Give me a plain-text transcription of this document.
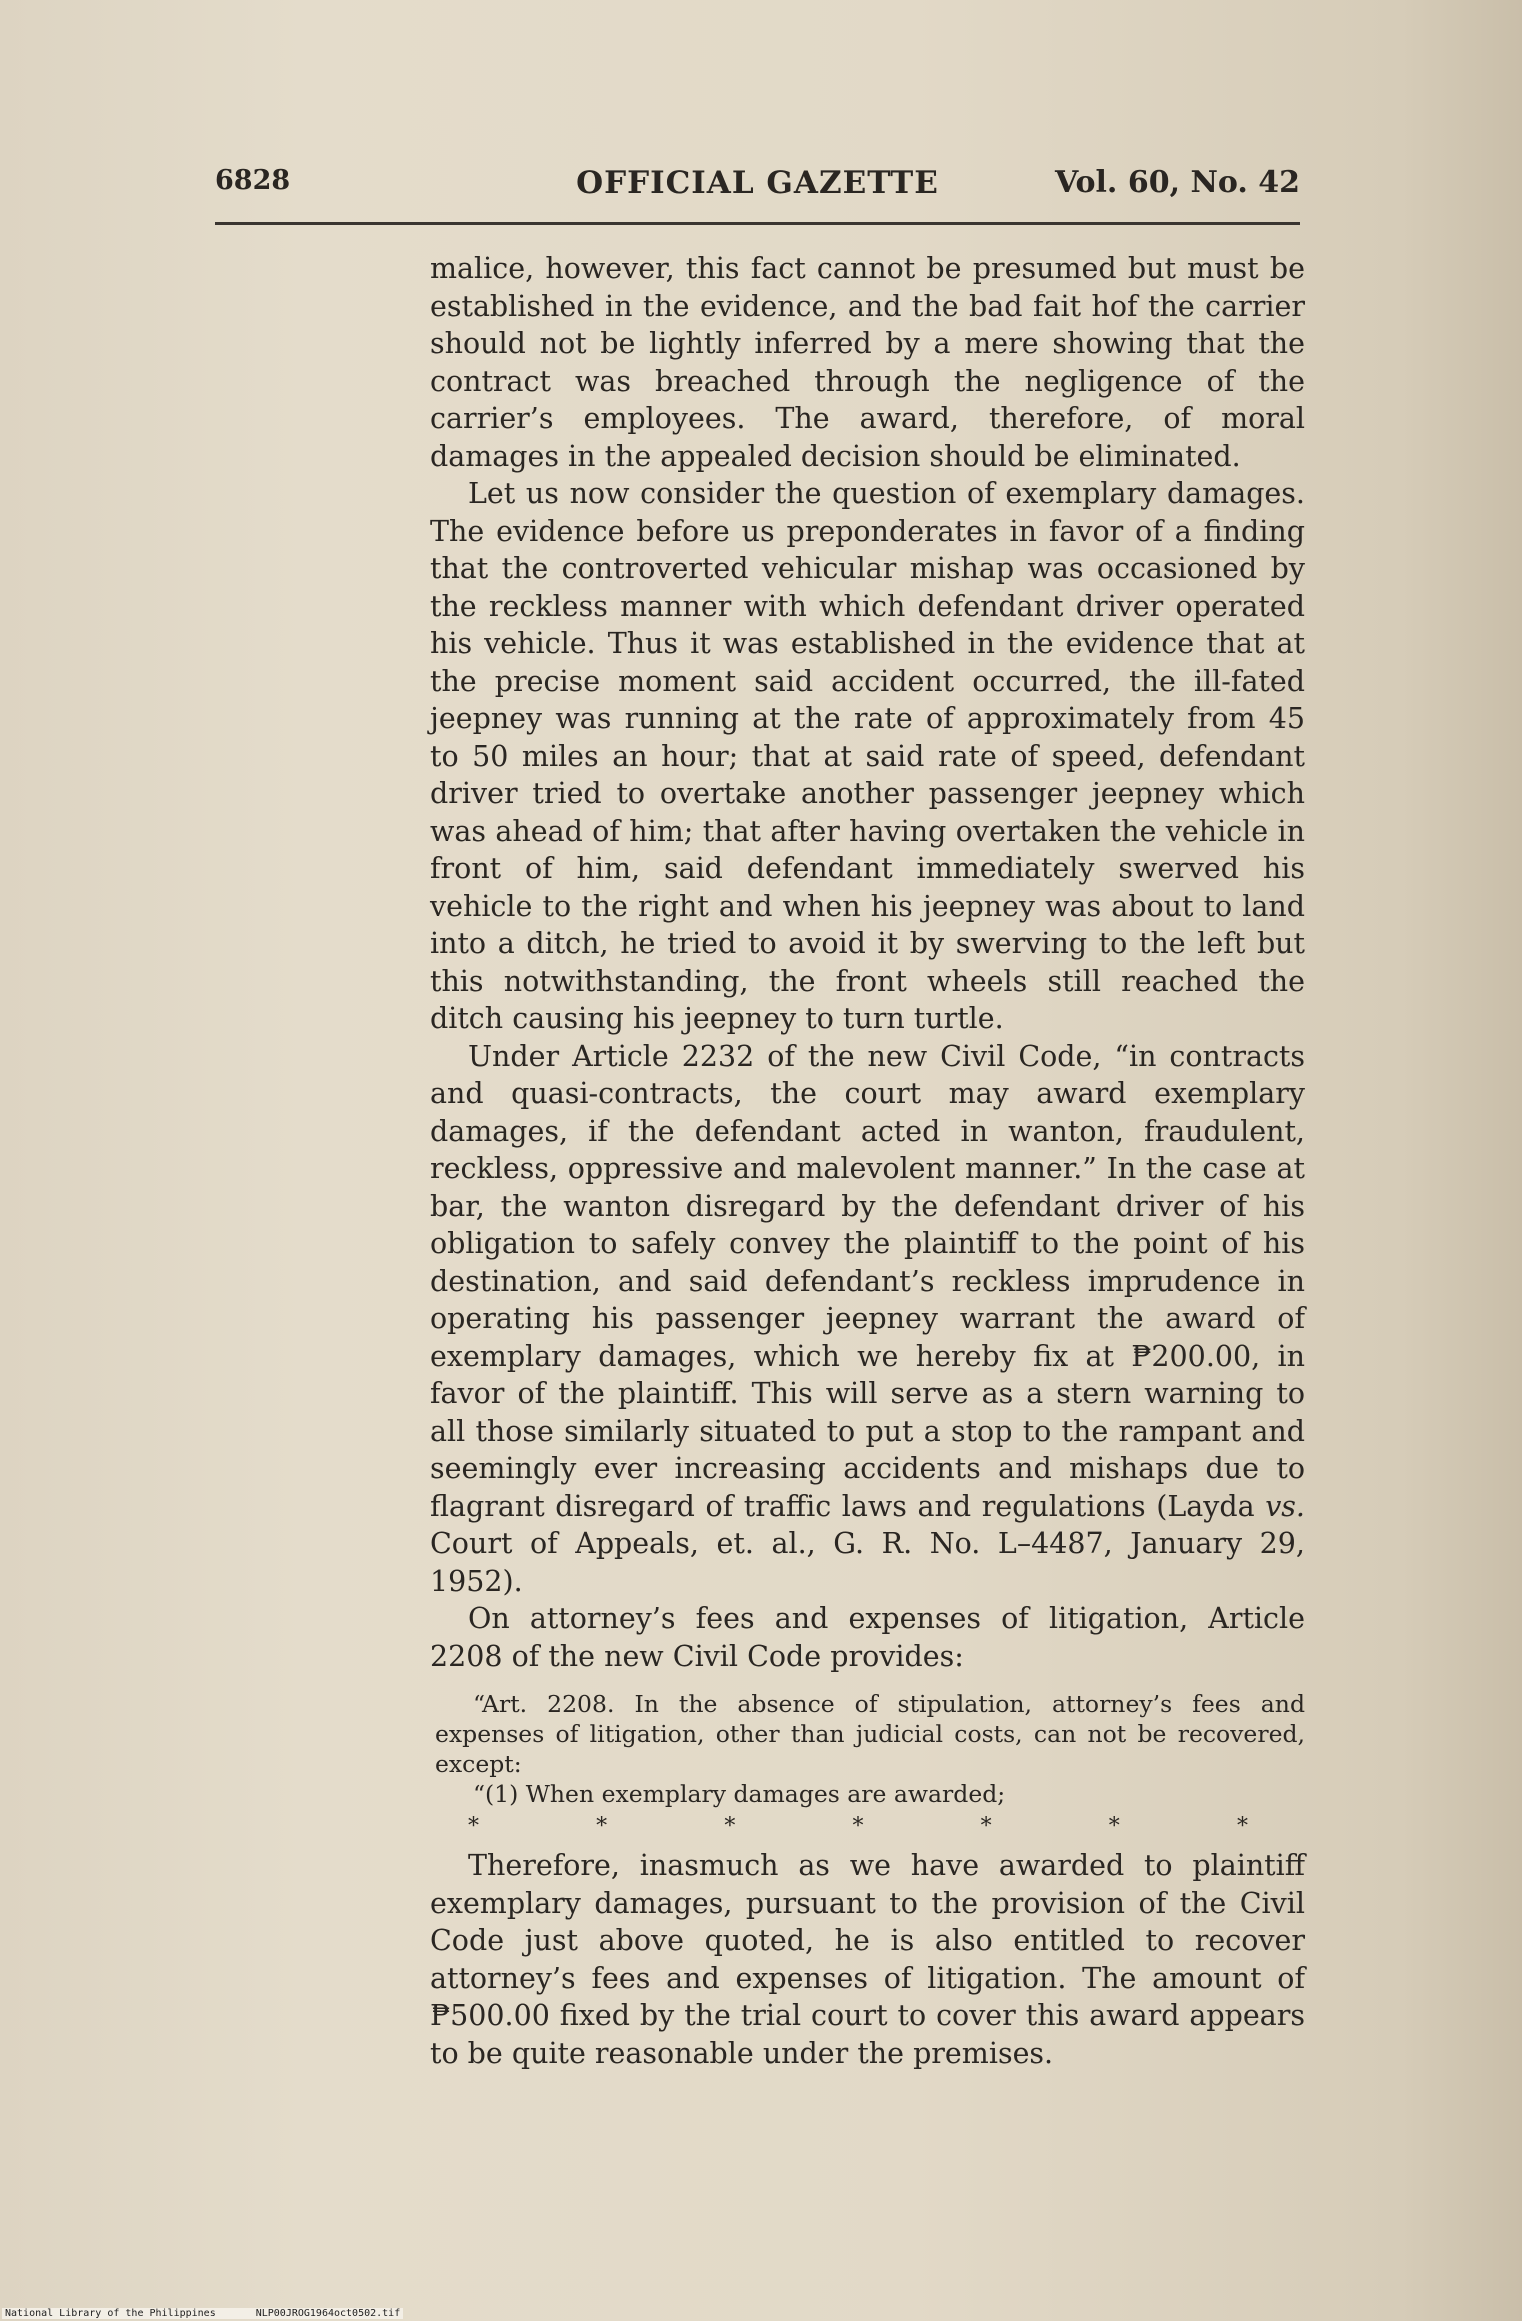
6828	OFFICIAL GAZETTE	Vol. 60, No. 42

malice, however, this fact cannot be presumed but must be established in the evidence, and the bad fait hof the carrier should not be lightly inferred by a mere showing that the contract was breached through the negligence of the carrier’s employees. The award, therefore, of moral damages in the appealed decision should be eliminated.

Let us now consider the question of exemplary damages. The evidence before us preponderates in favor of a finding that the controverted vehicular mishap was occasioned by the reckless manner with which defendant driver operated his vehicle. Thus it was established in the evidence that at the precise moment said accident occurred, the ill-fated jeepney was running at the rate of approximately from 45 to 50 miles an hour; that at said rate of speed, defendant driver tried to overtake another passenger jeepney which was ahead of him; that after having overtaken the vehicle in front of him, said defendant immediately swerved his vehicle to the right and when his jeepney was about to land into a ditch, he tried to avoid it by swerving to the left but this notwithstanding, the front wheels still reached the ditch causing his jeepney to turn turtle.

Under Article 2232 of the new Civil Code, “in contracts and quasi-contracts, the court may award exemplary damages, if the defendant acted in wanton, fraudulent, reckless, oppressive and malevolent manner.” In the case at bar, the wanton disregard by the defendant driver of his obligation to safely convey the plaintiff to the point of his destination, and said defendant’s reckless imprudence in operating his passenger jeepney warrant the award of exemplary damages, which we hereby fix at ₱200.00, in favor of the plaintiff. This will serve as a stern warning to all those similarly situated to put a stop to the rampant and seemingly ever increasing accidents and mishaps due to flagrant disregard of traffic laws and regulations (Layda vs. Court of Appeals, et. al., G. R. No. L–4487, January 29, 1952).

On attorney’s fees and expenses of litigation, Article 2208 of the new Civil Code provides:

“Art. 2208. In the absence of stipulation, attorney’s fees and expenses of litigation, other than judicial costs, can not be recovered, except:

“(1) When exemplary damages are awarded;

*	*	*	*	*	*	*

Therefore, inasmuch as we have awarded to plaintiff exemplary damages, pursuant to the provision of the Civil Code just above quoted, he is also entitled to recover attorney’s fees and expenses of litigation. The amount of ₱500.00 fixed by the trial court to cover this award appears to be quite reasonable under the premises.

National Library of the Philippines	NLP00JROG1964oct0502.tif
